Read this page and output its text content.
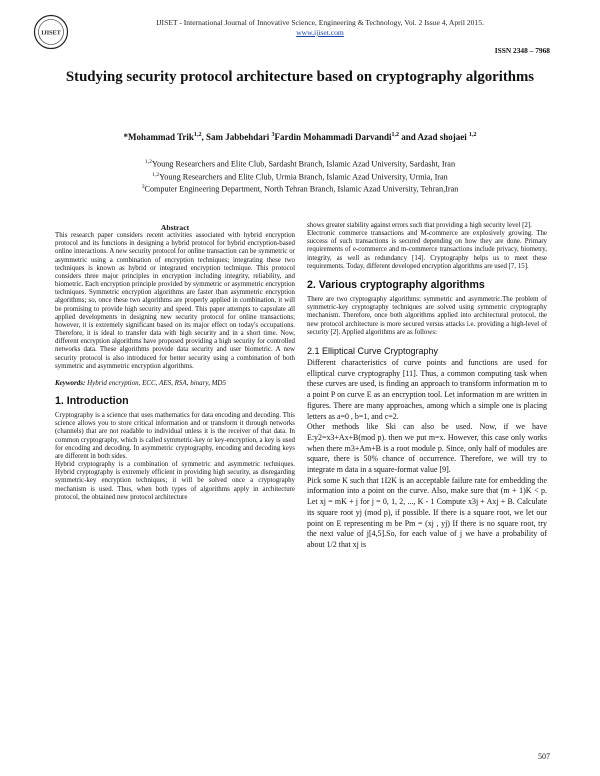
IJISET
IJISET - International Journal of Innovative Science, Engineering & Technology, Vol. 2 Issue 4, April 2015.
www.ijiset.com
ISSN 2348 – 7968
Studying security protocol architecture based on cryptography algorithms
*Mohammad Trik$^{1,2}$, Sam Jabbehdari $^3$Fardin Mohammadi Darvandi$^{1,2}$ and Azad shojaei $^{1,2}$
$^{1,2}$Young Researchers and Elite Club, Sardasht Branch, Islamic Azad University, Sardasht, Iran
$^{1,2}$Young Researchers and Elite Club, Urmia Branch, Islamic Azad University, Urmia, Iran
$^3$Computer Engineering Department, North Tehran Branch, Islamic Azad University, Tehran,Iran

Abstract

This research paper considers recent activities associated with hybrid encryption protocol and its functions in designing a hybrid protocol for hybrid encryption-based online interactions. A new security protocol for online transaction can be symmetric or asymmetric using a combination of encryption techniques; integrating these two techniques is known as hybrid or integrated encryption technique. This protocol considers three major principles in encryption including integrity, reliability, and biometric. Each encryption principle provided by symmetric or asymmetric encryption techniques. Symmetric encryption algorithms are faster than asymmetric encryption algorithms; so, once these two algorithms are properly applied in combination, it will be promising to provide high security and speed. This paper attempts to capsulate all applied developments in designing new security protocol for online transactions; however, it is extremely significant based on its major effect on today's occupations. Therefore, it is ideal to transfer data with high security and in a short time. Now, different encryption algorithms have proposed providing a high security for controlled networks data. These algorithms provide data security and user biometric. A new security protocol is also introduced for better security using a combination of both symmetric and asymmetric encryption algorithms.

Keywords: Hybrid encryption, ECC, AES, RSA, binary, MD5

1. Introduction

Cryptography is a science that uses mathematics for data encoding and decoding. This science allows you to store critical information and or transform it through networks (channels) that are not readable to individual unless it is the receiver of that data. In common cryptography, which is called symmetric-key or key-encryption, a key is used for encoding and decoding. In asymmetric cryptography, encoding and decoding keys are different in both sides.

Hybrid cryptography is a combination of symmetric and asymmetric techniques. Hybrid cryptography is extremely efficient in providing high security, as disregarding symmetric-key encryption techniques; it will be solved once a cryptography mechanism is used. Thus, when both types of algorithms apply in architecture protocol, the obtained new protocol architecture

shows greater stability against errors such that providing a high security level [2].

Electronic commerce transactions and M-commerce are explosively growing. The success of such transactions is secured depending on how they are done. Primary requirements of e-commerce and m-commerce transactions include privacy, biometry, integrity, as well as redundancy [14]. Cryptography helps us to meet these requirements. Today, different developed encryption algorithms are used [7, 15].

2. Various cryptography algorithms

There are two cryptography algorithms: symmetric and asymmetric.The problem of symmetric-key cryptography techniques are solved using symmetric cryptography mechanism. Therefore, once both algorithms applied into architectural protocol, the new protocol architecture is more secured versus attacks i.e. providing a high-level of security [2]. Applied algorithms are as follows:

2.1 Elliptical Curve Cryptography

Different characteristics of curve points and functions are used for elliptical curve cryptography [11]. Thus, a common computing task when these curves are used, is finding an approach to transform information m to a point P on curve E as an encryption tool. Let information m are written in figures. There are many approaches, among which a simple one is placing letters as a=0 , b=1, and c=2.

Other methods like Ski can also be used. Now, if we have E:y2=x3+Ax+B(mod p). then we put m=x. However, this case only works when there m3+Am+B is a root module p. Since, only half of modules are square, there is 50% chance of occurrence. Therefore, we will try to integrate m data in a square-format value [9].

Pick some K such that 1I2K is an acceptable failure rate for embedding the information into a point on the curve. Also, make sure that (m + 1)K < p. Let xj = mK + j for j = 0, 1, 2, ..., K - 1 Compute x3j + Axj + B. Calculate its square root yj (mod p), if possible. If there is a square root, we let our point on E representing m be Pm = (xj , yj) If there is no square root, try the next value of j[4,5].So, for each value of j we have a probability of about 1/2 that xj is

507
